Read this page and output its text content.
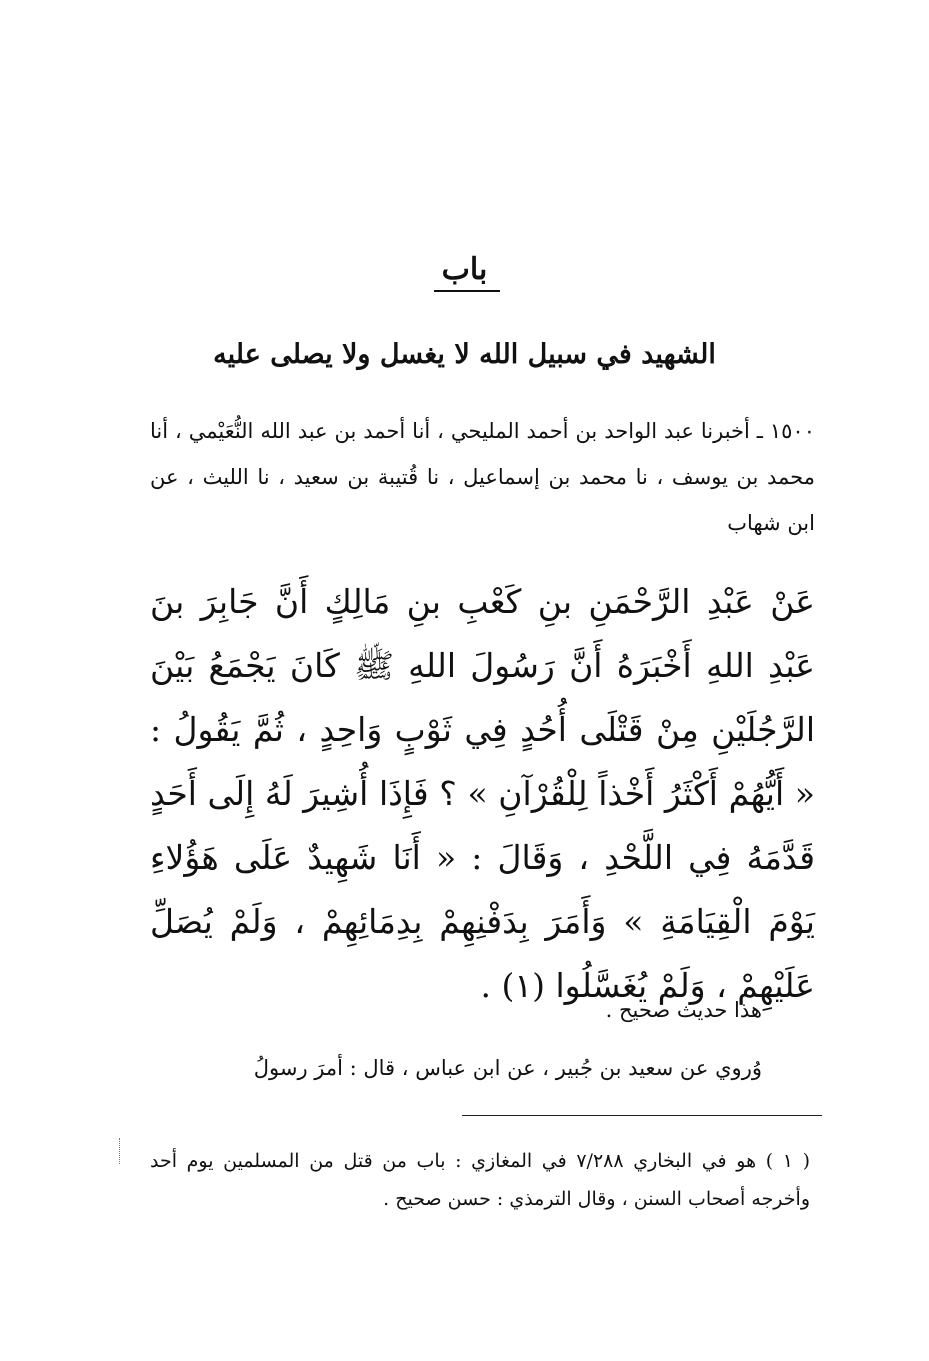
باب
الشهيد في سبيل الله لا يغسل ولا يصلى عليه

١٥٠٠ ـ أخبرنا عبد الواحد بن أحمد المليحي ، أنا أحمد بن عبد الله النُّعَيْمي ، أنا محمد بن يوسف ، نا محمد بن إسماعيل ، نا قُتيبة بن سعيد ، نا الليث ، عن ابن شهاب

عَنْ عَبْدِ الرَّحْمَنِ بنِ كَعْبِ بنِ مَالِكٍ أَنَّ جَابِرَ بنَ عَبْدِ اللهِ أَخْبَرَهُ أَنَّ رَسُولَ اللهِ ﷺ كَانَ يَجْمَعُ بَيْنَ الرَّجُلَيْنِ مِنْ قَتْلَى أُحُدٍ فِي ثَوْبٍ وَاحِدٍ ، ثُمَّ يَقُولُ : « أَيُّهُمْ أَكْثَرُ أَخْذاً لِلْقُرْآنِ » ؟ فَإِذَا أُشِيرَ لَهُ إِلَى أَحَدٍ قَدَّمَهُ فِي اللَّحْدِ ، وَقَالَ : « أَنَا شَهِيدٌ عَلَى هَؤُلاءِ يَوْمَ الْقِيَامَةِ » وَأَمَرَ بِدَفْنِهِمْ بِدِمَائِهِمْ ، وَلَمْ يُصَلِّ عَلَيْهِمْ ، وَلَمْ يُغَسَّلُوا (١) .

هذا حديث صحيح .

وُروي عن سعيد بن جُبير ، عن ابن عباس ، قال : أمرَ رسولُ

( ١ ) هو في البخاري ٧/٢٨٨ في المغازي : باب من قتل من المسلمين يوم أحد وأخرجه أصحاب السنن ، وقال الترمذي : حسن صحيح .
